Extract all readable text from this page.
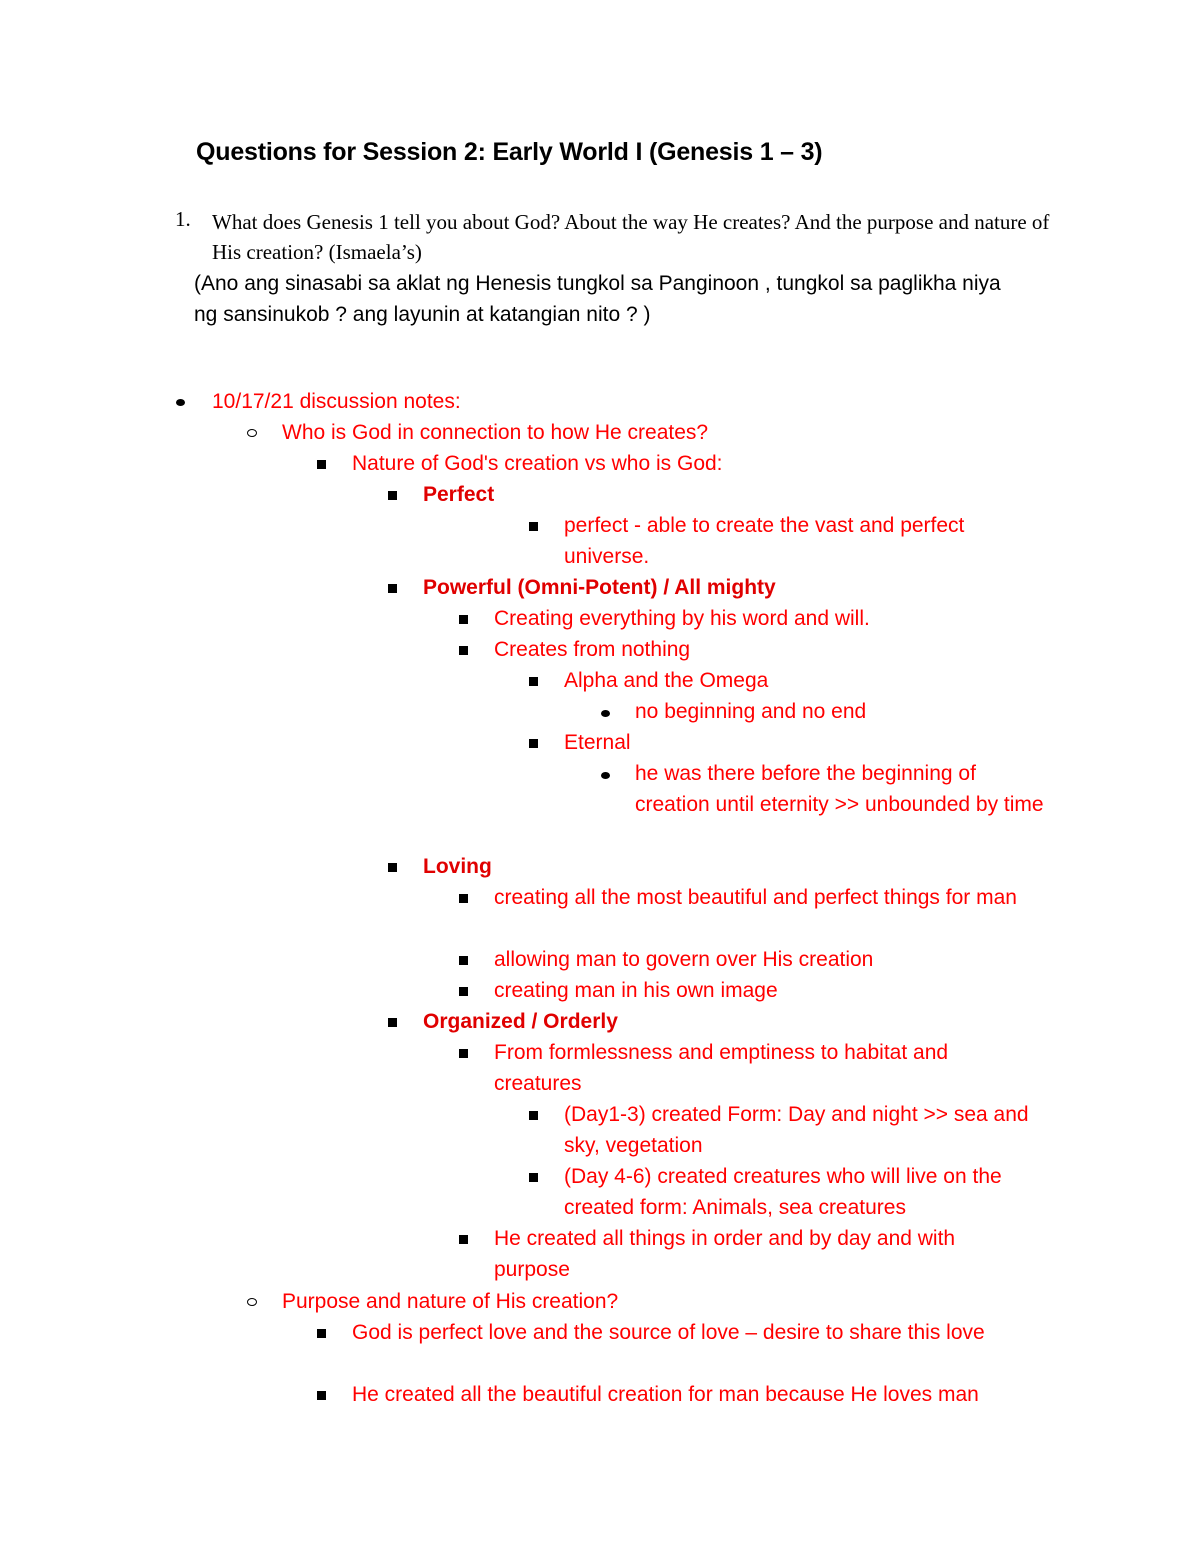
Questions for Session 2: Early World I (Genesis 1 – 3)
1. What does Genesis 1 tell you about God? About the way He creates? And the purpose and nature of His creation? (Ismaela’s)
(Ano ang sinasabi sa aklat ng Henesis tungkol sa Panginoon , tungkol sa paglikha niya ng sansinukob ? ang layunin at katangian nito ? )
10/17/21 discussion notes:
Who is God in connection to how He creates?
Nature of God's creation vs who is God:
Perfect
perfect - able to create the vast and perfect universe.
Powerful (Omni-Potent) / All mighty
Creating everything by his word and will.
Creates from nothing
Alpha and the Omega
no beginning and no end
Eternal
he was there before the beginning of creation until eternity >> unbounded by time
Loving
creating all the most beautiful and perfect things for man
allowing man to govern over His creation
creating man in his own image
Organized / Orderly
From formlessness and emptiness to habitat and creatures
(Day1-3) created Form: Day and night >> sea and sky, vegetation
(Day 4-6) created creatures who will live on the created form: Animals, sea creatures
He created all things in order and by day and with purpose
Purpose and nature of His creation?
God is perfect love and the source of love – desire to share this love
He created all the beautiful creation for man because He loves man
